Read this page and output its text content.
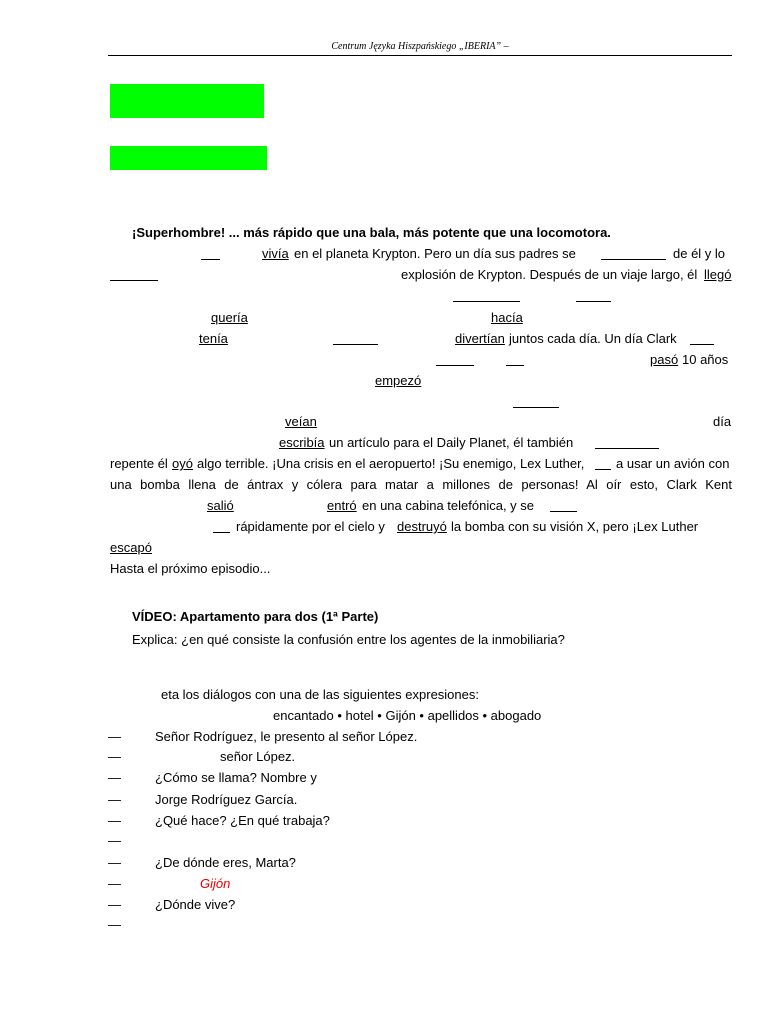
Centrum Języka Hiszpańskiego „IBERIA” –
¡Superhombre! ... más rápido que una bala, más potente que una locomotora.
vivía en el planeta Krypton. Pero un día sus padres se	de él y lo
explosión de Krypton. Después de un viaje largo, él llegó
quería	hacía
tenía	divertían juntos cada día. Un día Clark
pasó 10 años
empezó
veían	día
escribía un artículo para el Daily Planet, él también
repente él oyó algo terrible. ¡Una crisis en el aeropuerto! ¡Su enemigo, Lex Luther, a usar un avión con
una bomba llena de ántrax y cólera para matar a millones de personas! Al oír esto, Clark Kent
salió	entró en una cabina telefónica, y se
rápidamente por el cielo y destruyó la bomba con su visión X, pero ¡Lex Luther
escapó
Hasta el próximo episodio...
VÍDEO: Apartamento para dos (1ª Parte)
Explica: ¿en qué consiste la confusión entre los agentes de la inmobiliaria?
eta los diálogos con una de las siguientes expresiones:
encantado • hotel • Gijón • apellidos • abogado
—	Señor Rodríguez, le presento al señor López.
—	señor López.
—	¿Cómo se llama? Nombre y
—	Jorge Rodríguez García.
—	¿Qué hace? ¿En qué trabaja?
—
—	¿De dónde eres, Marta?
—	Gijón
—	¿Dónde vive?
—
